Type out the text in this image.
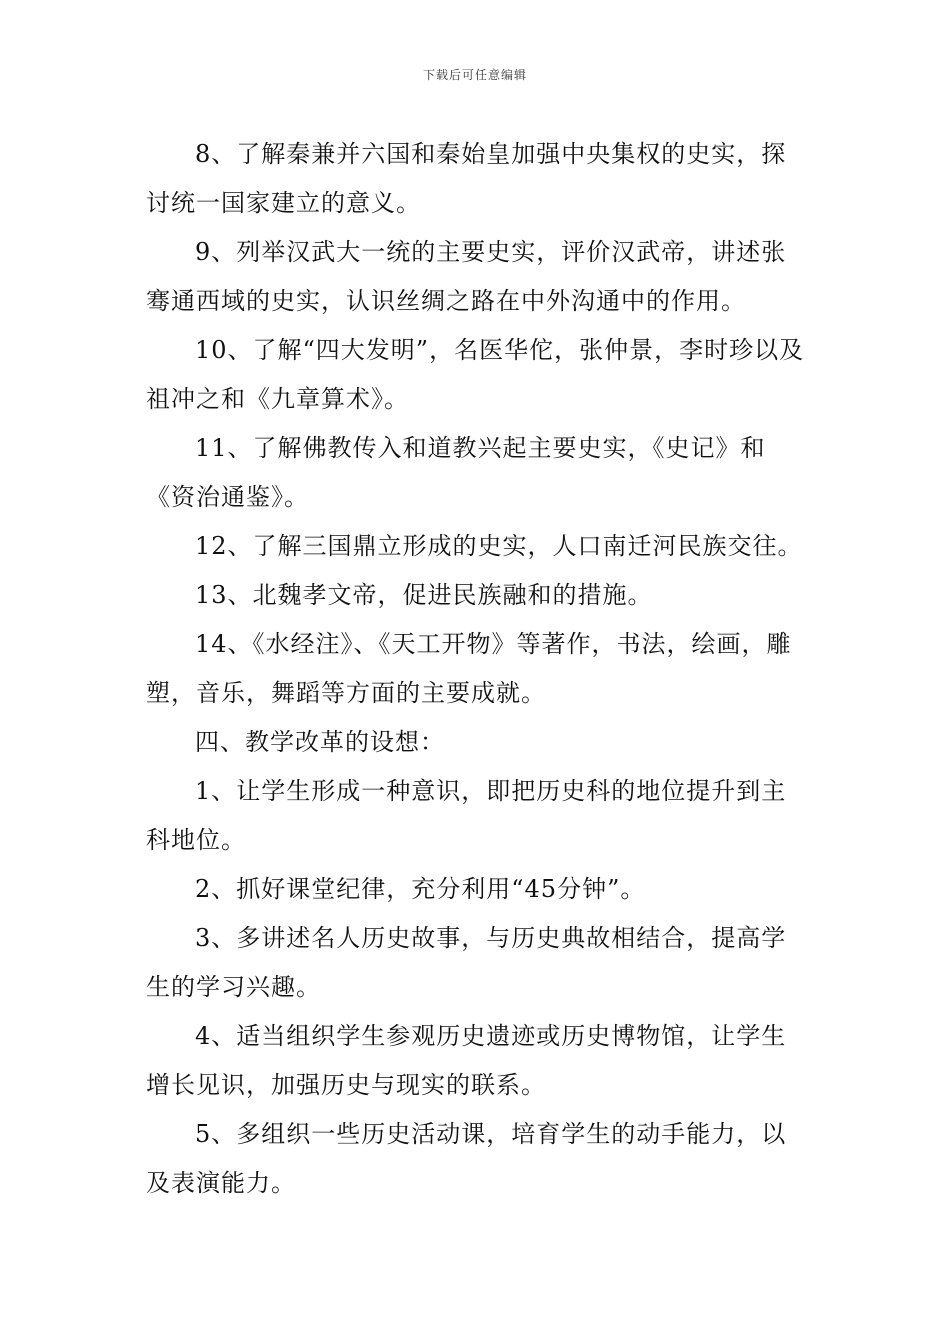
下载后可任意编辑

8、了解秦兼并六国和秦始皇加强中央集权的史实，探讨统一国家建立的意义。

9、列举汉武大一统的主要史实，评价汉武帝，讲述张骞通西域的史实，认识丝绸之路在中外沟通中的作用。

10、了解“四大发明”，名医华佗，张仲景，李时珍以及祖冲之和《九章算术》。

11、了解佛教传入和道教兴起主要史实，《史记》和《资治通鉴》。

12、了解三国鼎立形成的史实，人口南迁河民族交往。

13、北魏孝文帝，促进民族融和的措施。

14、《水经注》、《天工开物》等著作，书法，绘画，雕塑，音乐，舞蹈等方面的主要成就。

四、教学改革的设想：

1、让学生形成一种意识，即把历史科的地位提升到主科地位。

2、抓好课堂纪律，充分利用“45分钟”。

3、多讲述名人历史故事，与历史典故相结合，提高学生的学习兴趣。

4、适当组织学生参观历史遗迹或历史博物馆，让学生增长见识，加强历史与现实的联系。

5、多组织一些历史活动课，培育学生的动手能力，以及表演能力。
